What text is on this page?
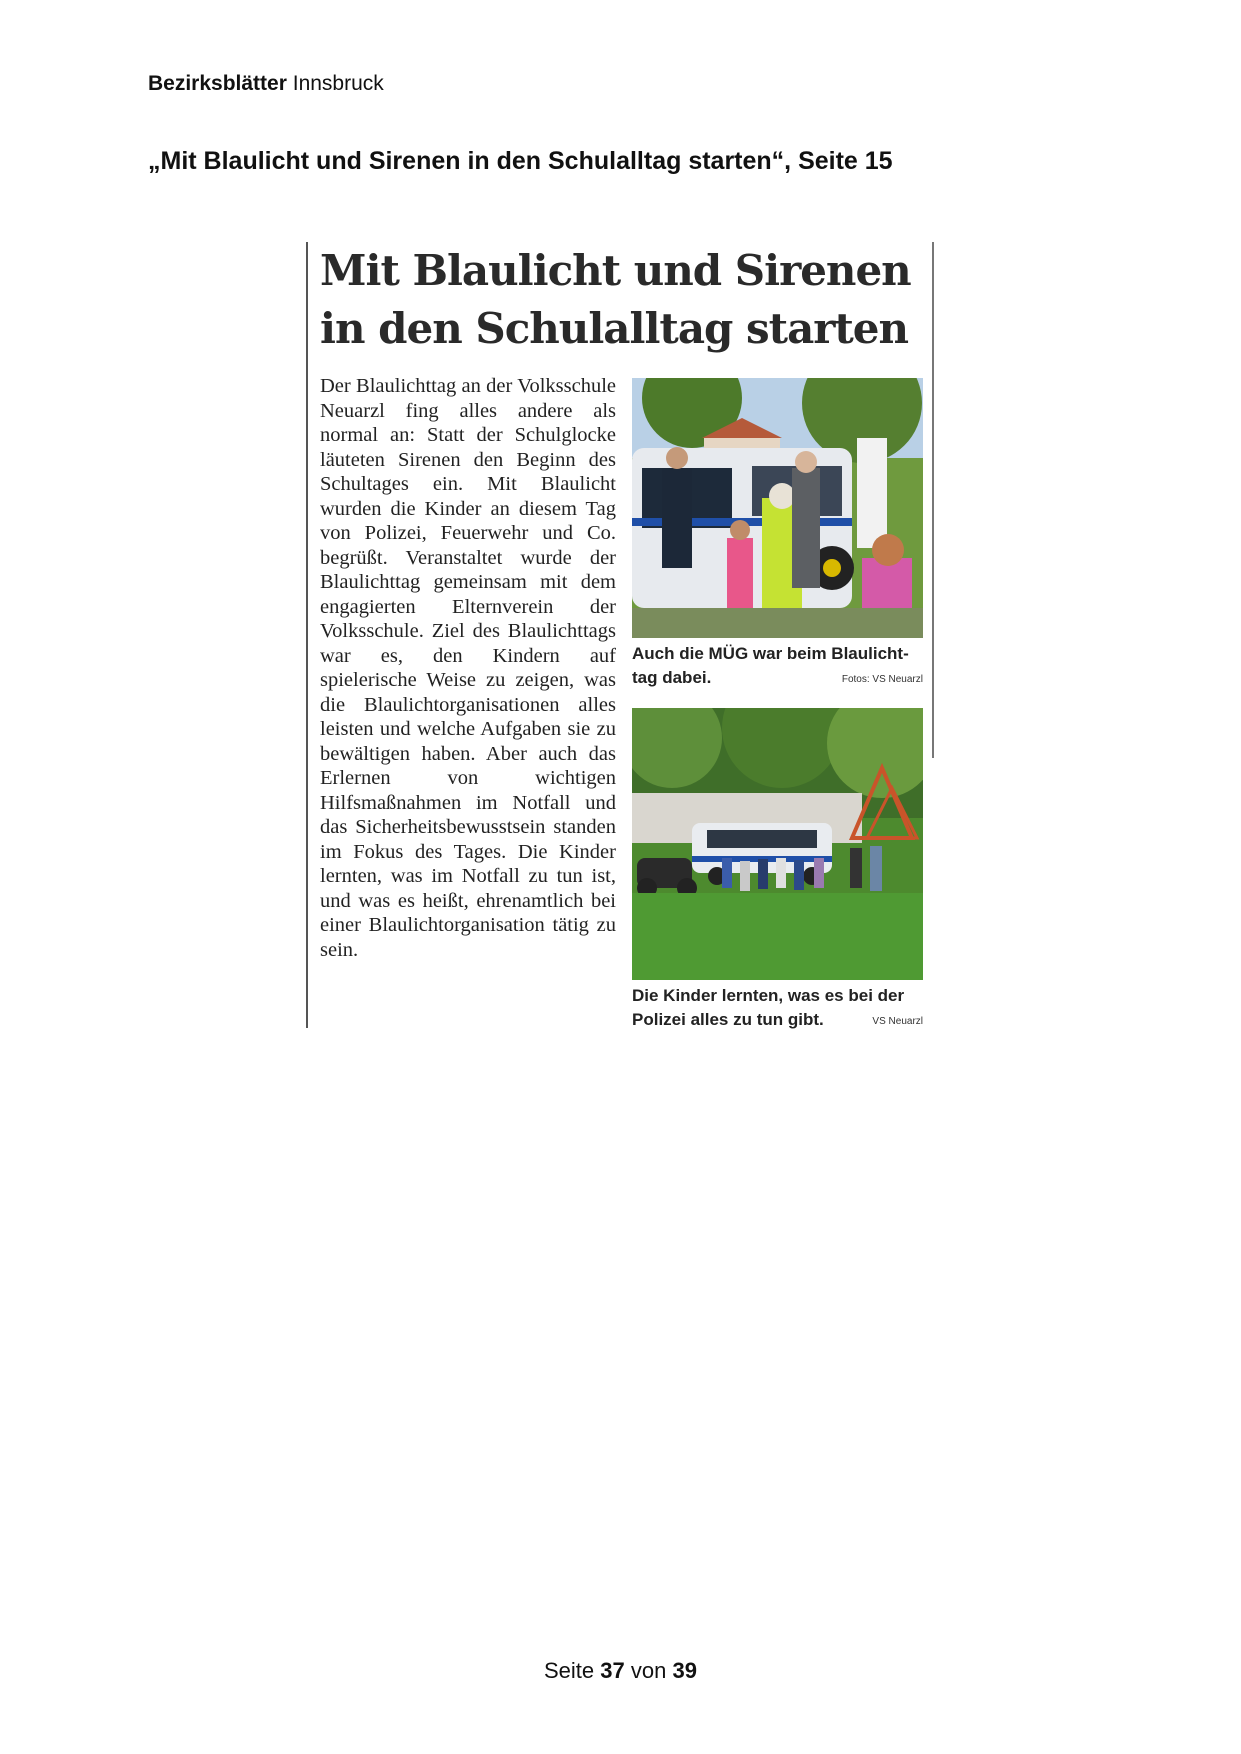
Bezirksblätter Innsbruck
„Mit Blaulicht und Sirenen in den Schulalltag starten“, Seite 15
Mit Blaulicht und Sirenen in den Schulalltag starten

Der Blaulichttag an der Volksschule Neuarzl fing alles andere als normal an: Statt der Schulglocke läuteten Sirenen den Beginn des Schultages ein. Mit Blaulicht wurden die Kinder an diesem Tag von Polizei, Feuerwehr und Co. begrüßt. Veranstaltet wurde der Blaulichttag gemeinsam mit dem engagierten Elternverein der Volksschule. Ziel des Blaulichttags war es, den Kindern auf spielerische Weise zu zeigen, was die Blaulichtorganisationen alles leisten und welche Aufgaben sie zu bewältigen haben. Aber auch das Erlernen von wichtigen Hilfsmaßnahmen im Notfall und das Sicherheitsbewusstsein standen im Fokus des Tages. Die Kinder lernten, was im Notfall zu tun ist, und was es heißt, ehrenamtlich bei einer Blaulichtorganisation tätig zu sein.

Auch die MÜG war beim Blaulichttag dabei.	Fotos: VS Neuarzl
Die Kinder lernten, was es bei der Polizei alles zu tun gibt.	VS Neuarzl
Seite 37 von 39
